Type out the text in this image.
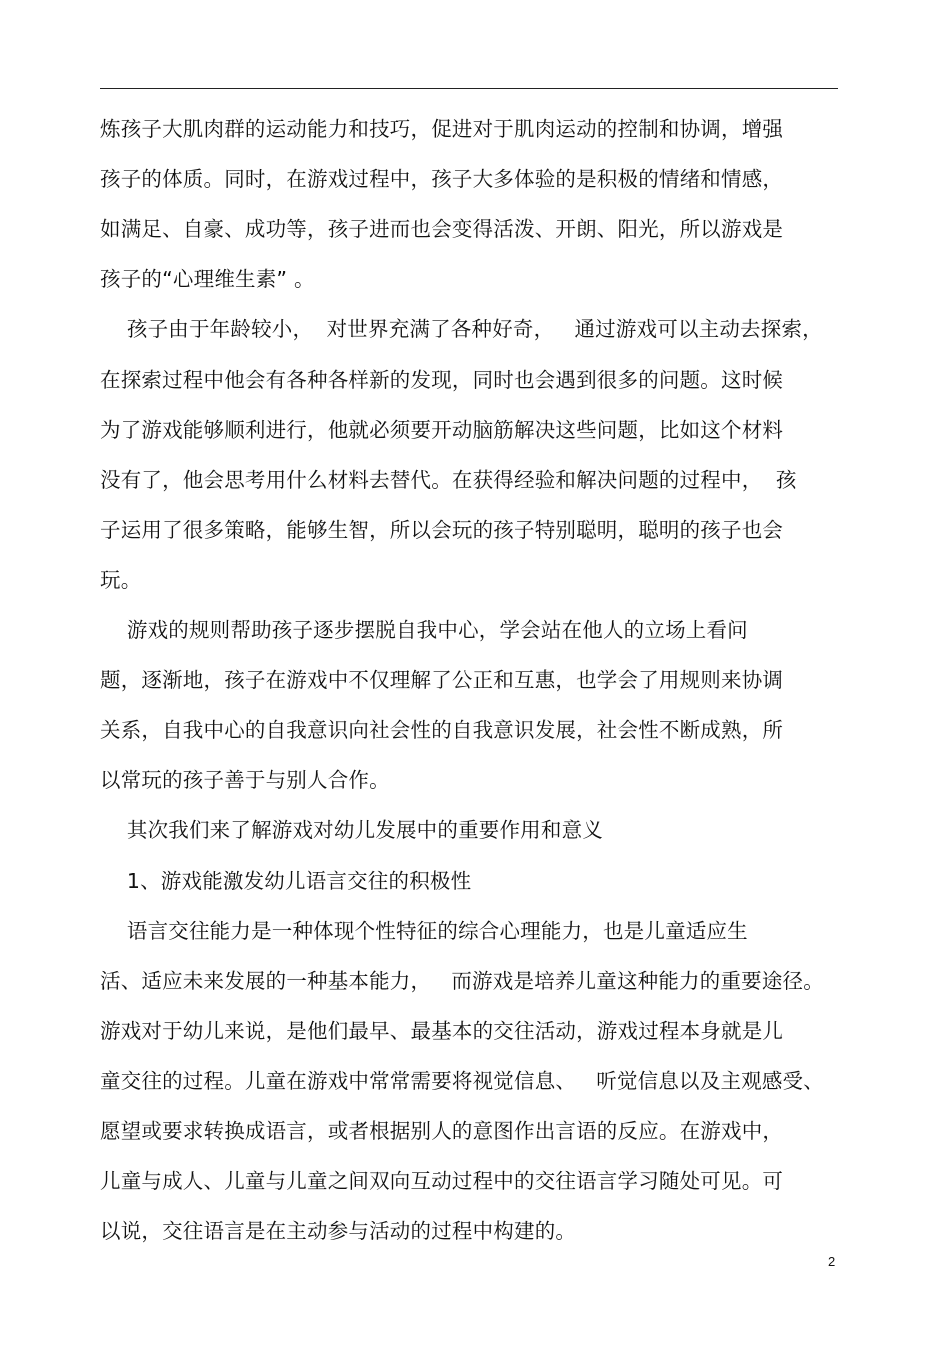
炼孩子大肌肉群的运动能力和技巧，促进对于肌肉运动的控制和协调，增强
孩子的体质。同时，在游戏过程中，孩子大多体验的是积极的情绪和情感，
如满足、自豪、成功等，孩子进而也会变得活泼、开朗、阳光，所以游戏是
孩子的“心理维生素” 。
孩子由于年龄较小，  对世界充满了各种好奇，   通过游戏可以主动去探索，
在探索过程中他会有各种各样新的发现，同时也会遇到很多的问题。这时候
为了游戏能够顺利进行，他就必须要开动脑筋解决这些问题，比如这个材料
没有了，他会思考用什么材料去替代。在获得经验和解决问题的过程中，  孩
子运用了很多策略，能够生智，所以会玩的孩子特别聪明，聪明的孩子也会
玩。
游戏的规则帮助孩子逐步摆脱自我中心，学会站在他人的立场上看问
题，逐渐地，孩子在游戏中不仅理解了公正和互惠，也学会了用规则来协调
关系，自我中心的自我意识向社会性的自我意识发展，社会性不断成熟，所
以常玩的孩子善于与别人合作。
其次我们来了解游戏对幼儿发展中的重要作用和意义
1、游戏能激发幼儿语言交往的积极性
语言交往能力是一种体现个性特征的综合心理能力，也是儿童适应生
活、适应未来发展的一种基本能力，   而游戏是培养儿童这种能力的重要途径。
游戏对于幼儿来说，是他们最早、最基本的交往活动，游戏过程本身就是儿
童交往的过程。儿童在游戏中常常需要将视觉信息、   听觉信息以及主观感受、
愿望或要求转换成语言，或者根据别人的意图作出言语的反应。在游戏中，
儿童与成人、儿童与儿童之间双向互动过程中的交往语言学习随处可见。可
以说，交往语言是在主动参与活动的过程中构建的。
2
